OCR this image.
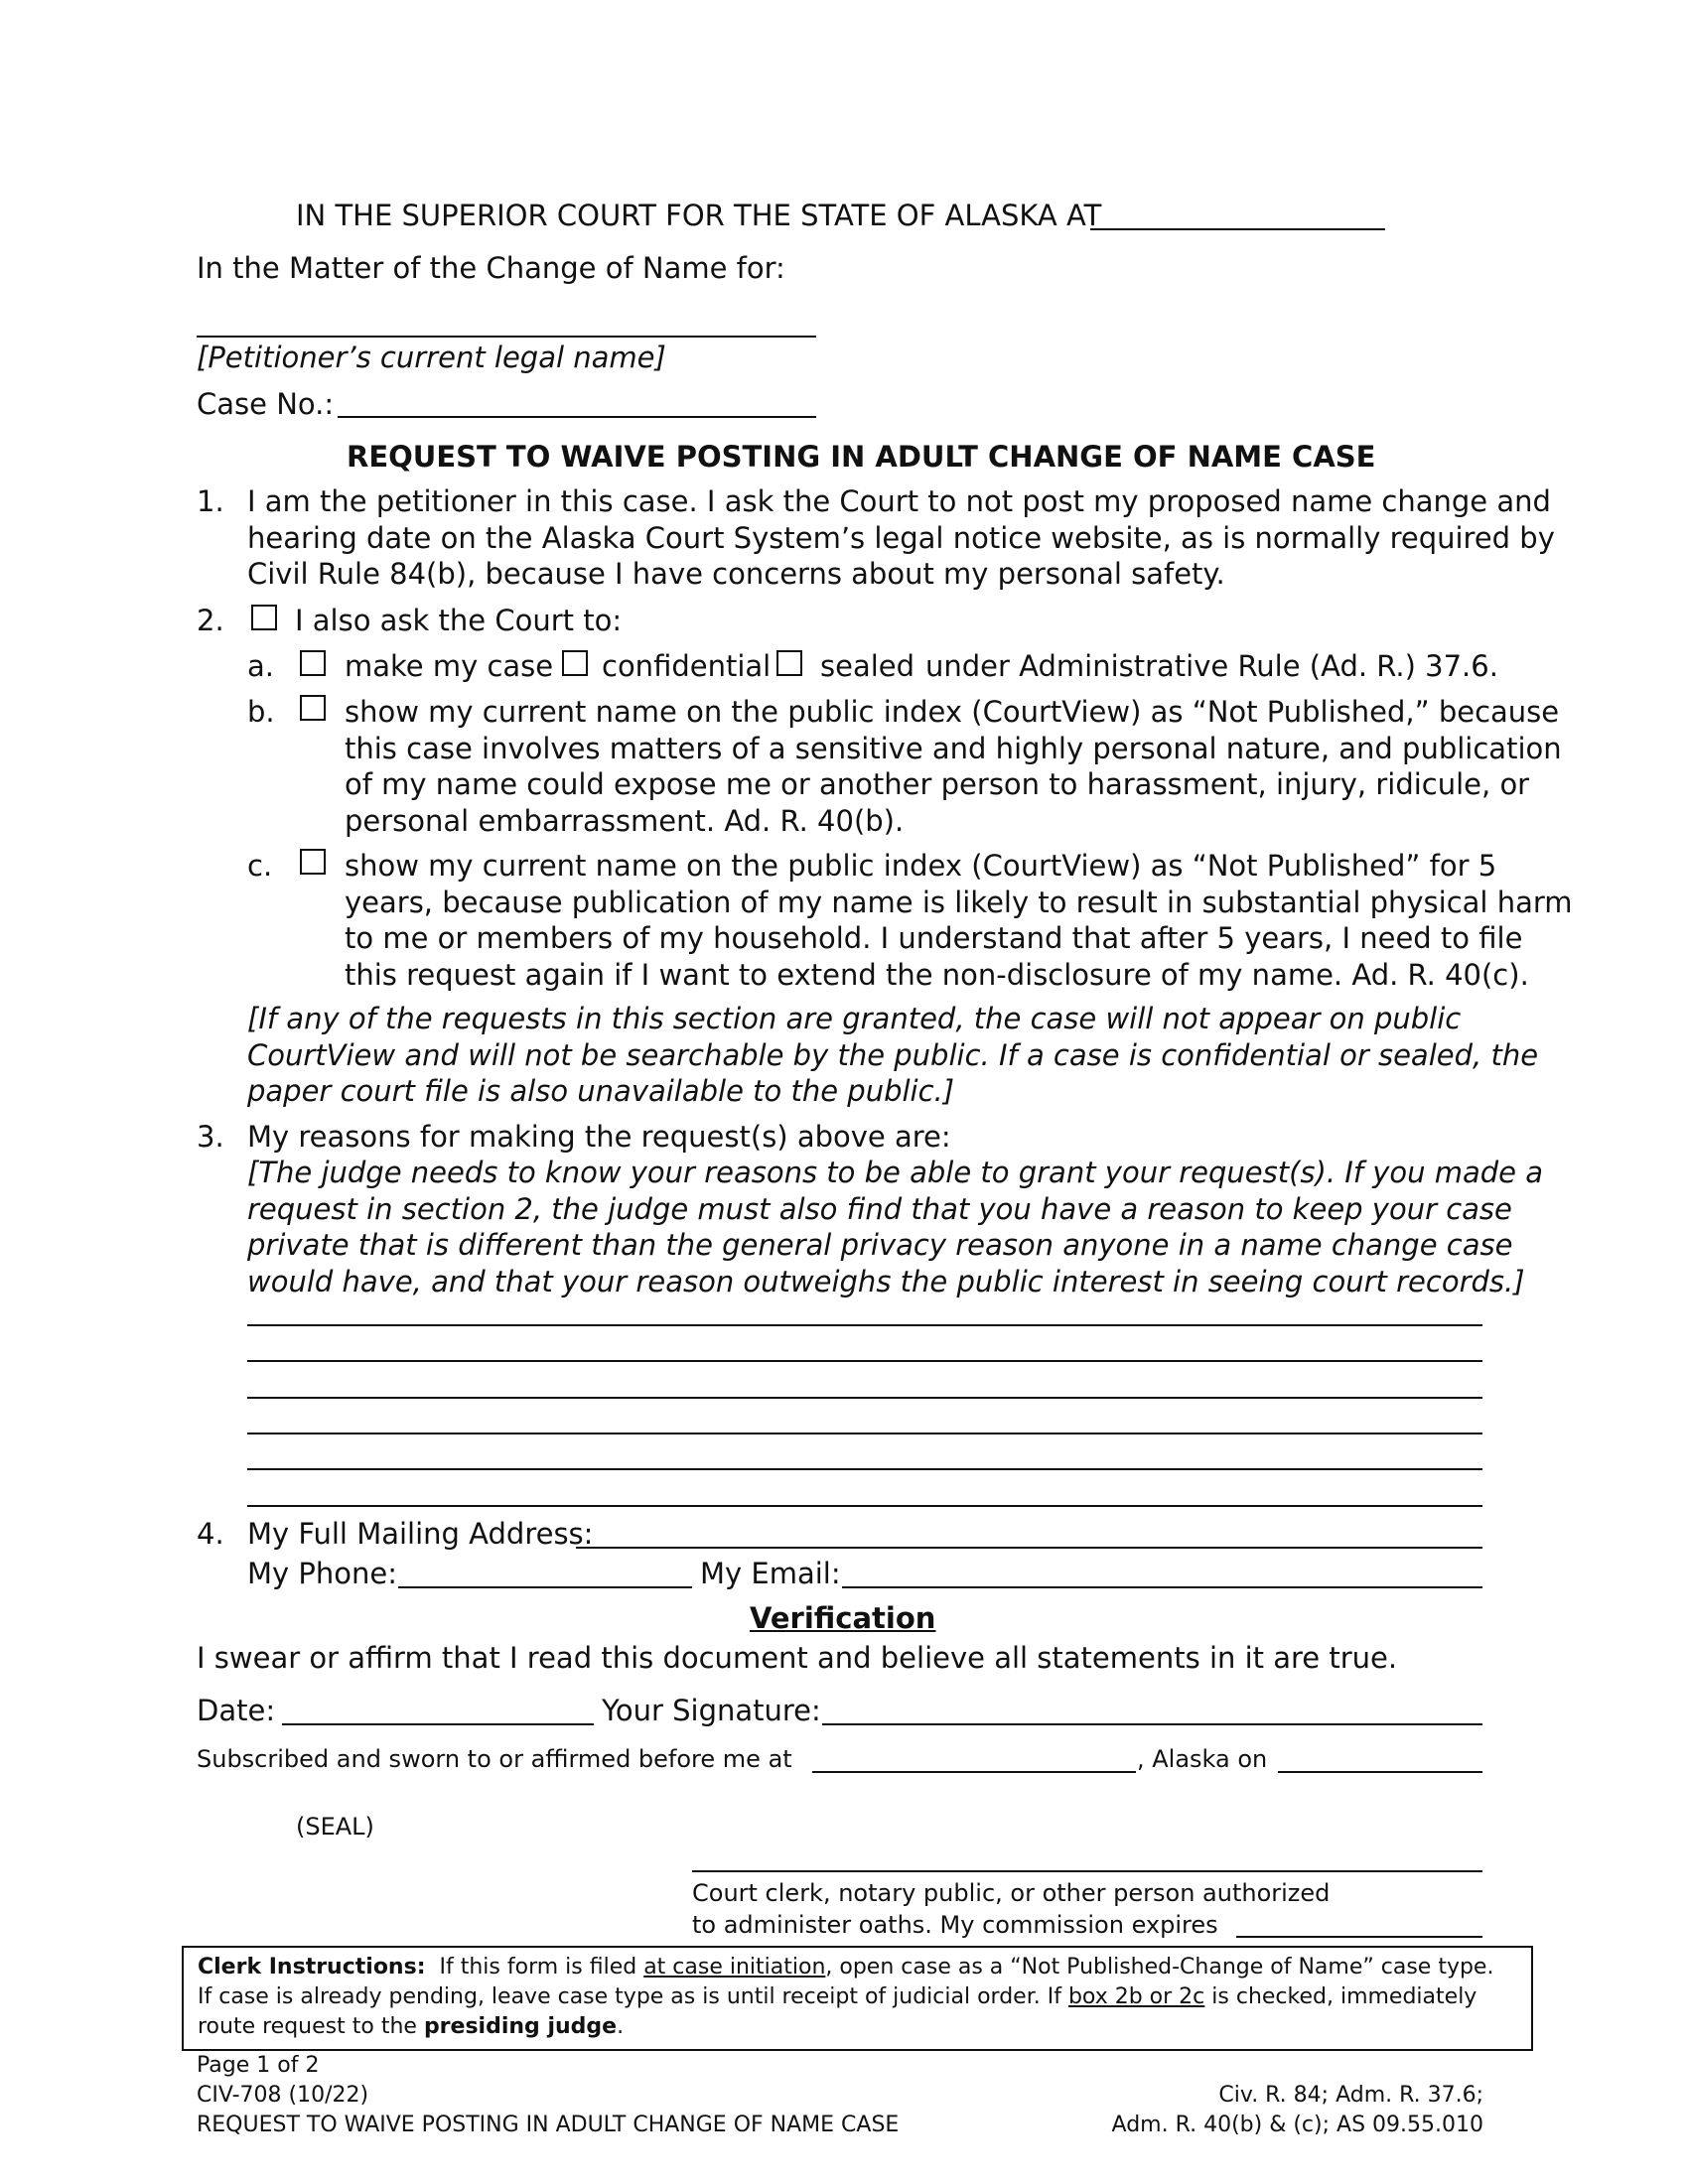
IN THE SUPERIOR COURT FOR THE STATE OF ALASKA AT
In the Matter of the Change of Name for:
[Petitioner’s current legal name]
Case No.:
REQUEST TO WAIVE POSTING IN ADULT CHANGE OF NAME CASE
1. I am the petitioner in this case. I ask the Court to not post my proposed name change and
hearing date on the Alaska Court System’s legal notice website, as is normally required by
Civil Rule 84(b), because I have concerns about my personal safety.
2. I also ask the Court to:
a. make my case confidential sealed under Administrative Rule (Ad. R.) 37.6.
b. show my current name on the public index (CourtView) as “Not Published,” because
this case involves matters of a sensitive and highly personal nature, and publication
of my name could expose me or another person to harassment, injury, ridicule, or
personal embarrassment. Ad. R. 40(b).
c.	show my current name on the public index (CourtView) as “Not Published” for 5
years, because publication of my name is likely to result in substantial physical harm
to me or members of my household. I understand that after 5 years, I need to file
this request again if I want to extend the non-disclosure of my name. Ad. R. 40(c).
[If any of the requests in this section are granted, the case will not appear on public
CourtView and will not be searchable by the public. If a case is confidential or sealed, the
paper court file is also unavailable to the public.]
3. My reasons for making the request(s) above are:
[The judge needs to know your reasons to be able to grant your request(s). If you made a
request in section 2, the judge must also find that you have a reason to keep your case
private that is different than the general privacy reason anyone in a name change case
would have, and that your reason outweighs the public interest in seeing court records.]
4. My Full Mailing Address:
My Phone:	My Email:
Verification
I swear or affirm that I read this document and believe all statements in it are true.
Date:	Your Signature:
Subscribed and sworn to or affirmed before me at	, Alaska on
(SEAL)
Court clerk, notary public, or other person authorized
to administer oaths. My commission expires
Clerk Instructions: If this form is filed at case initiation, open case as a “Not Published-Change of Name” case type.
If case is already pending, leave case type as is until receipt of judicial order. If box 2b or 2c is checked, immediately
route request to the presiding judge.
Page 1 of 2
CIV-708 (10/22)
REQUEST TO WAIVE POSTING IN ADULT CHANGE OF NAME CASE
Civ. R. 84; Adm. R. 37.6;
Adm. R. 40(b) & (c); AS 09.55.010
